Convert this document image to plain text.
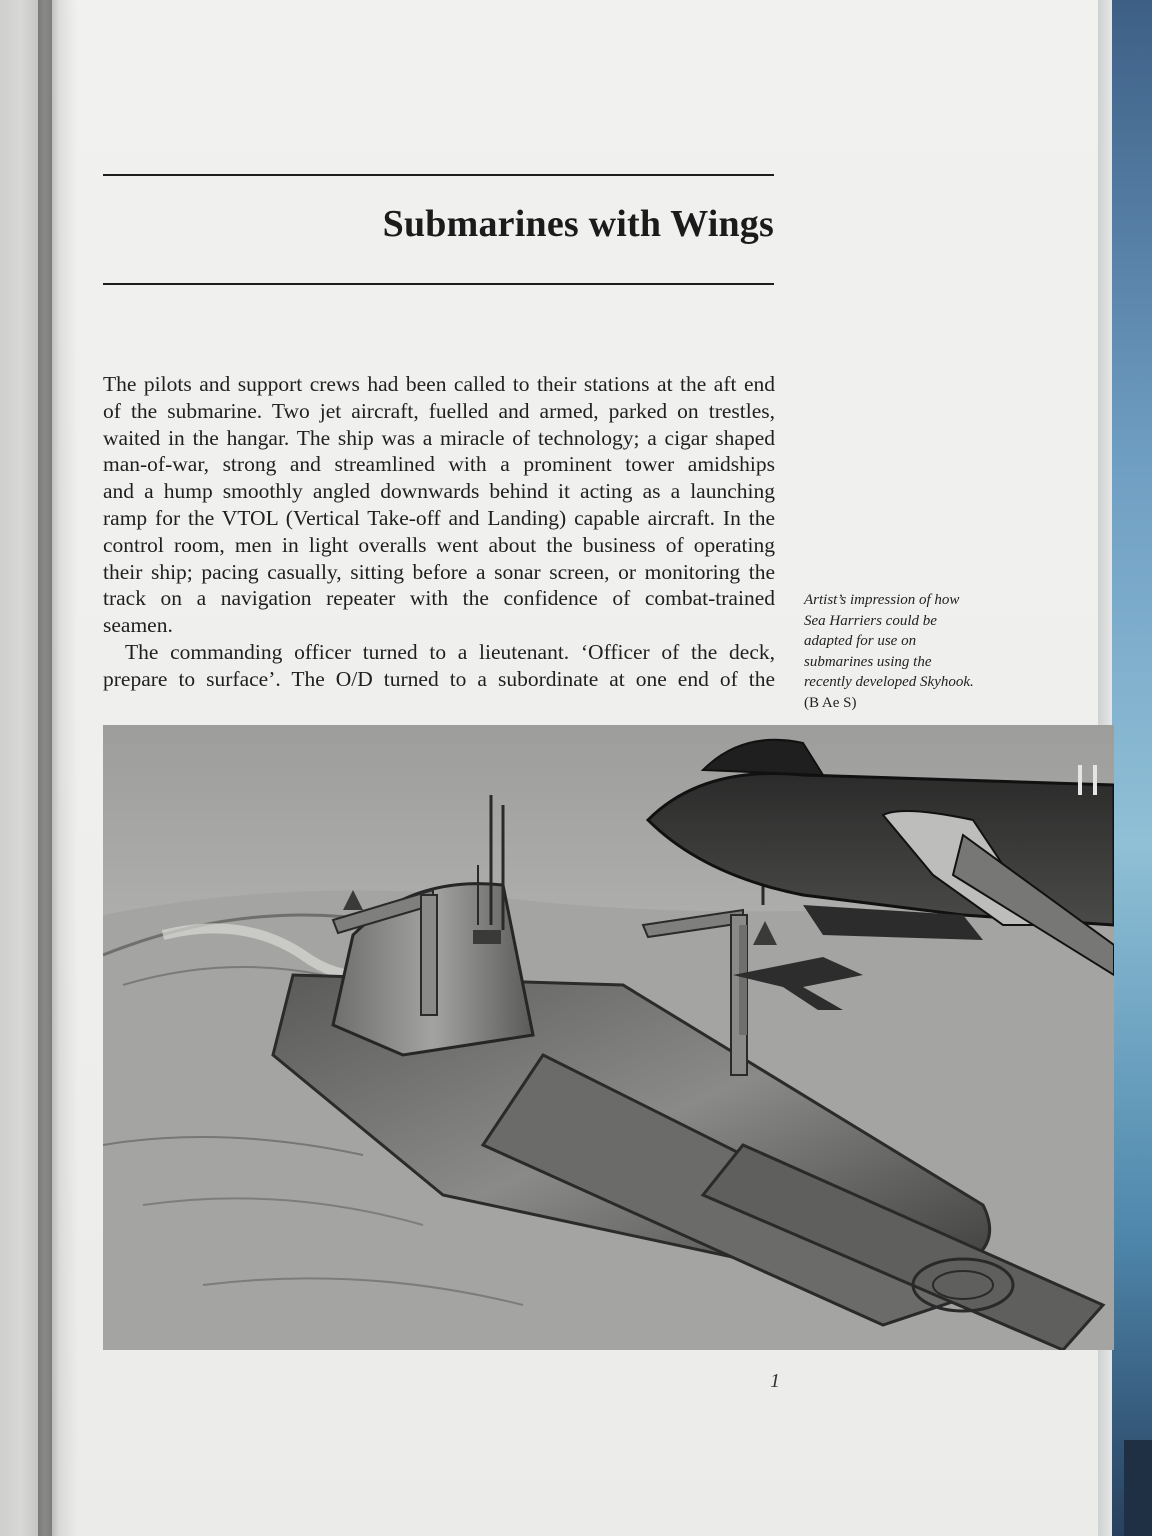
Submarines with Wings
The pilots and support crews had been called to their stations at the aft end
of the submarine. Two jet aircraft, fuelled and armed, parked on trestles,
waited in the hangar. The ship was a miracle of technology; a cigar shaped
man-of-war, strong and streamlined with a prominent tower amidships
and a hump smoothly angled downwards behind it acting as a launching
ramp for the VTOL (Vertical Take-off and Landing) capable aircraft. In the
control room, men in light overalls went about the business of operating
their ship; pacing casually, sitting before a sonar screen, or monitoring the
track on a navigation repeater with the confidence of combat-trained
seamen.
The commanding officer turned to a lieutenant. ‘Officer of the deck,
prepare to surface’. The O/D turned to a subordinate at one end of the
Artist’s impression of how
Sea Harriers could be
adapted for use on
submarines using the
recently developed Skyhook.
(B Ae S)
1
